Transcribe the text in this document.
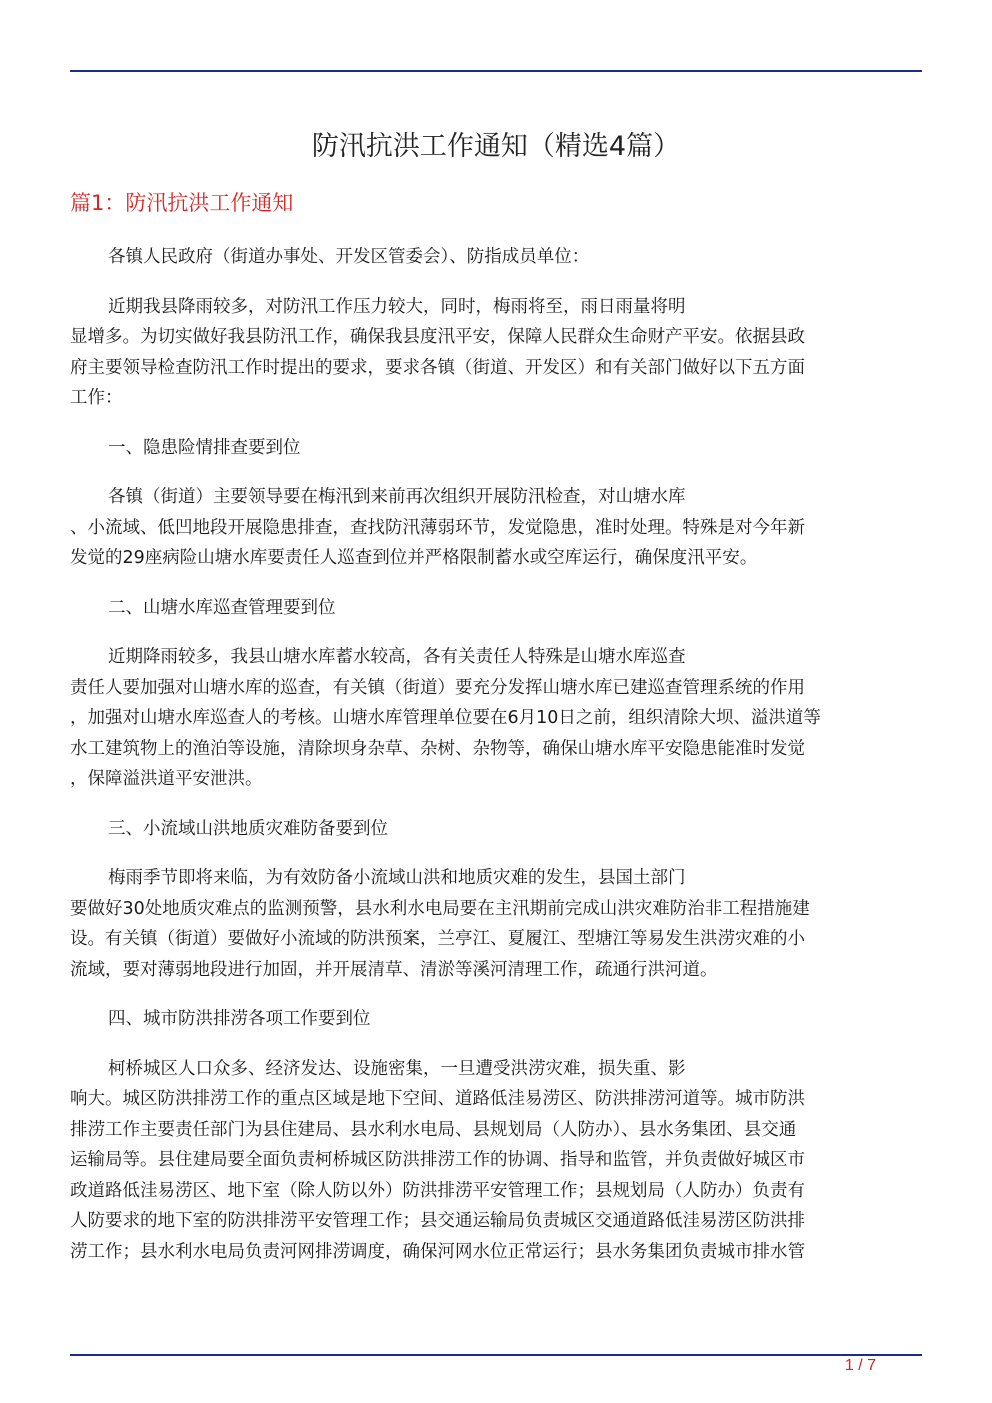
防汛抗洪工作通知（精选4篇）
篇1：防汛抗洪工作通知

各镇人民政府（街道办事处、开发区管委会）、防指成员单位：

近期我县降雨较多，对防汛工作压力较大，同时，梅雨将至，雨日雨量将明
显增多。为切实做好我县防汛工作，确保我县度汛平安，保障人民群众生命财产平安。依据县政
府主要领导检查防汛工作时提出的要求，要求各镇（街道、开发区）和有关部门做好以下五方面
工作：

一、隐患险情排查要到位

各镇（街道）主要领导要在梅汛到来前再次组织开展防汛检查，对山塘水库
、小流域、低凹地段开展隐患排查，查找防汛薄弱环节，发觉隐患，准时处理。特殊是对今年新
发觉的29座病险山塘水库要责任人巡查到位并严格限制蓄水或空库运行，确保度汛平安。

二、山塘水库巡查管理要到位

近期降雨较多，我县山塘水库蓄水较高，各有关责任人特殊是山塘水库巡查
责任人要加强对山塘水库的巡查，有关镇（街道）要充分发挥山塘水库已建巡查管理系统的作用
，加强对山塘水库巡查人的考核。山塘水库管理单位要在6月10日之前，组织清除大坝、溢洪道等
水工建筑物上的渔泊等设施，清除坝身杂草、杂树、杂物等，确保山塘水库平安隐患能准时发觉
，保障溢洪道平安泄洪。

三、小流域山洪地质灾难防备要到位

梅雨季节即将来临，为有效防备小流域山洪和地质灾难的发生，县国土部门
要做好30处地质灾难点的监测预警，县水利水电局要在主汛期前完成山洪灾难防治非工程措施建
设。有关镇（街道）要做好小流域的防洪预案，兰亭江、夏履江、型塘江等易发生洪涝灾难的小
流域，要对薄弱地段进行加固，并开展清草、清淤等溪河清理工作，疏通行洪河道。

四、城市防洪排涝各项工作要到位

柯桥城区人口众多、经济发达、设施密集，一旦遭受洪涝灾难，损失重、影
响大。城区防洪排涝工作的重点区域是地下空间、道路低洼易涝区、防洪排涝河道等。城市防洪
排涝工作主要责任部门为县住建局、县水利水电局、县规划局（人防办）、县水务集团、县交通
运输局等。县住建局要全面负责柯桥城区防洪排涝工作的协调、指导和监管，并负责做好城区市
政道路低洼易涝区、地下室（除人防以外）防洪排涝平安管理工作；县规划局（人防办）负责有
人防要求的地下室的防洪排涝平安管理工作；县交通运输局负责城区交通道路低洼易涝区防洪排
涝工作；县水利水电局负责河网排涝调度，确保河网水位正常运行；县水务集团负责城市排水管

1 / 7
